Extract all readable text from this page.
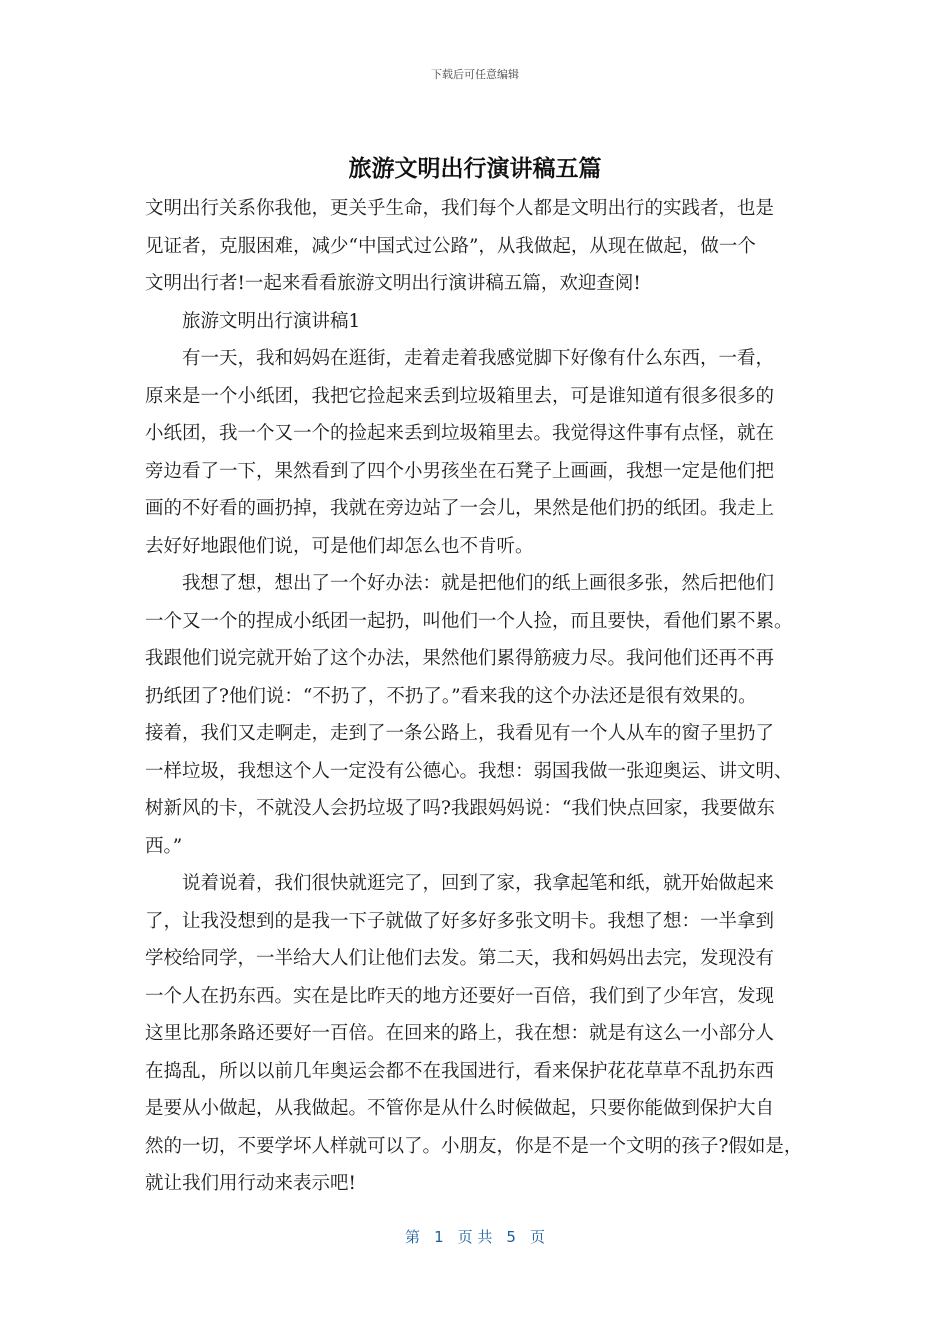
下载后可任意编辑
旅游文明出行演讲稿五篇
文明出行关系你我他，更关乎生命，我们每个人都是文明出行的实践者，也是
见证者，克服困难，减少“中国式过公路”，从我做起，从现在做起，做一个
文明出行者!一起来看看旅游文明出行演讲稿五篇，欢迎查阅!
旅游文明出行演讲稿1
有一天，我和妈妈在逛街，走着走着我感觉脚下好像有什么东西，一看，
原来是一个小纸团，我把它捡起来丢到垃圾箱里去，可是谁知道有很多很多的
小纸团，我一个又一个的捡起来丢到垃圾箱里去。我觉得这件事有点怪，就在
旁边看了一下，果然看到了四个小男孩坐在石凳子上画画，我想一定是他们把
画的不好看的画扔掉，我就在旁边站了一会儿，果然是他们扔的纸团。我走上
去好好地跟他们说，可是他们却怎么也不肯听。
我想了想，想出了一个好办法：就是把他们的纸上画很多张，然后把他们
一个又一个的捏成小纸团一起扔，叫他们一个人捡，而且要快，看他们累不累。
我跟他们说完就开始了这个办法，果然他们累得筋疲力尽。我问他们还再不再
扔纸团了?他们说：“不扔了，不扔了。”看来我的这个办法还是很有效果的。
接着，我们又走啊走，走到了一条公路上，我看见有一个人从车的窗子里扔了
一样垃圾，我想这个人一定没有公德心。我想：弱国我做一张迎奥运、讲文明、
树新风的卡，不就没人会扔垃圾了吗?我跟妈妈说：“我们快点回家，我要做东
西。”
说着说着，我们很快就逛完了，回到了家，我拿起笔和纸，就开始做起来
了，让我没想到的是我一下子就做了好多好多张文明卡。我想了想：一半拿到
学校给同学，一半给大人们让他们去发。第二天，我和妈妈出去完，发现没有
一个人在扔东西。实在是比昨天的地方还要好一百倍，我们到了少年宫，发现
这里比那条路还要好一百倍。在回来的路上，我在想：就是有这么一小部分人
在捣乱，所以以前几年奥运会都不在我国进行，看来保护花花草草不乱扔东西
是要从小做起，从我做起。不管你是从什么时候做起，只要你能做到保护大自
然的一切，不要学坏人样就可以了。小朋友，你是不是一个文明的孩子?假如是，
就让我们用行动来表示吧!
第 1 页 共 5 页
